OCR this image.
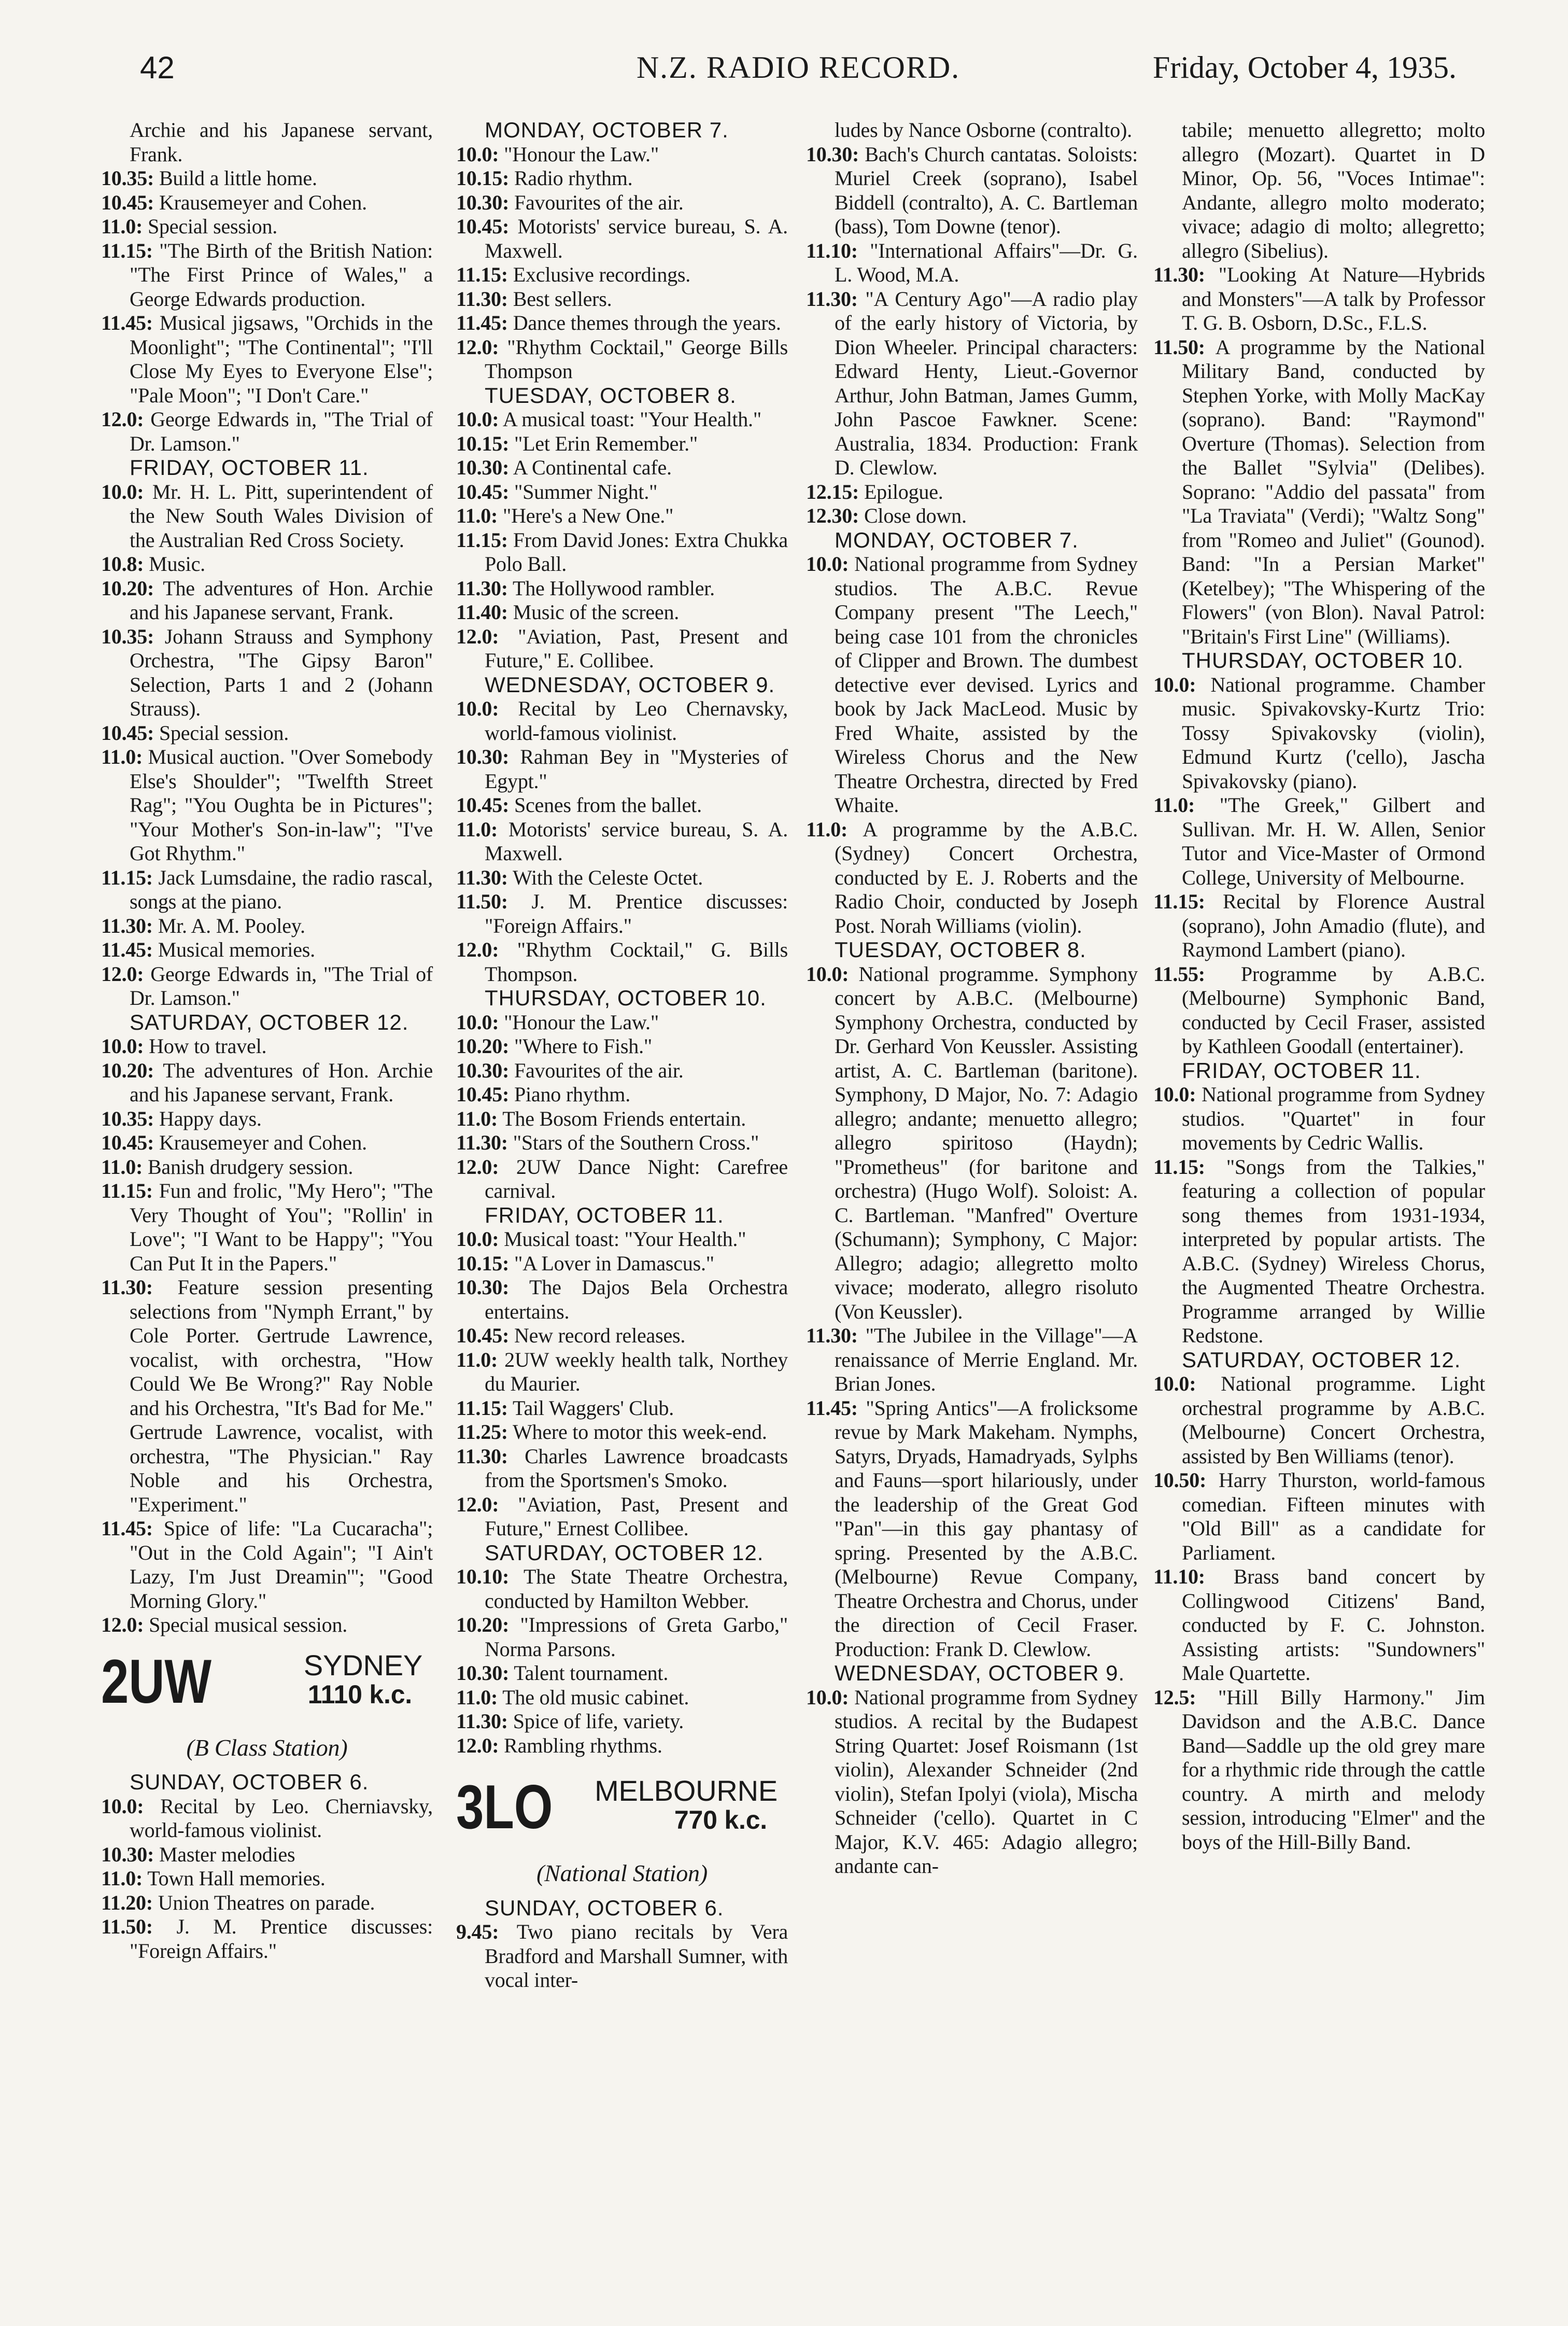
42	N.Z. RADIO RECORD.	Friday, October 4, 1935.
Archie and his Japanese servant, Frank.
10.35: Build a little home.
10.45: Krausemeyer and Cohen.
11.0: Special session.
11.15: "The Birth of the British Nation: "The First Prince of Wales," a George Edwards production.
11.45: Musical jigsaws, "Orchids in the Moonlight"; "The Continental"; "I'll Close My Eyes to Everyone Else"; "Pale Moon"; "I Don't Care."
12.0: George Edwards in, "The Trial of Dr. Lamson."
FRIDAY, OCTOBER 11.
10.0: Mr. H. L. Pitt, superintendent of the New South Wales Division of the Australian Red Cross Society.
10.8: Music.
10.20: The adventures of Hon. Archie and his Japanese servant, Frank.
10.35: Johann Strauss and Symphony Orchestra, "The Gipsy Baron" Selection, Parts 1 and 2 (Johann Strauss).
10.45: Special session.
11.0: Musical auction. "Over Somebody Else's Shoulder"; "Twelfth Street Rag"; "You Oughta be in Pictures"; "Your Mother's Son-in-law"; "I've Got Rhythm."
11.15: Jack Lumsdaine, the radio rascal, songs at the piano.
11.30: Mr. A. M. Pooley.
11.45: Musical memories.
12.0: George Edwards in, "The Trial of Dr. Lamson."
SATURDAY, OCTOBER 12.
10.0: How to travel.
10.20: The adventures of Hon. Archie and his Japanese servant, Frank.
10.35: Happy days.
10.45: Krausemeyer and Cohen.
11.0: Banish drudgery session.
11.15: Fun and frolic, "My Hero"; "The Very Thought of You"; "Rollin' in Love"; "I Want to be Happy"; "You Can Put It in the Papers."
11.30: Feature session presenting selections from "Nymph Errant," by Cole Porter. Gertrude Lawrence, vocalist, with orchestra, "How Could We Be Wrong?" Ray Noble and his Orchestra, "It's Bad for Me." Gertrude Lawrence, vocalist, with orchestra, "The Physician." Ray Noble and his Orchestra, "Experiment."
11.45: Spice of life: "La Cucaracha"; "Out in the Cold Again"; "I Ain't Lazy, I'm Just Dreamin'"; "Good Morning Glory."
12.0: Special musical session.
2UW	SYDNEY
1110 k.c.
(B Class Station)
SUNDAY, OCTOBER 6.
10.0: Recital by Leo. Cherniavsky, world-famous violinist.
10.30: Master melodies
11.0: Town Hall memories.
11.20: Union Theatres on parade.
11.50: J. M. Prentice discusses: "Foreign Affairs."
MONDAY, OCTOBER 7.
10.0: "Honour the Law."
10.15: Radio rhythm.
10.30: Favourites of the air.
10.45: Motorists' service bureau, S. A. Maxwell.
11.15: Exclusive recordings.
11.30: Best sellers.
11.45: Dance themes through the years.
12.0: "Rhythm Cocktail," George Bills Thompson
TUESDAY, OCTOBER 8.
10.0: A musical toast: "Your Health."
10.15: "Let Erin Remember."
10.30: A Continental cafe.
10.45: "Summer Night."
11.0: "Here's a New One."
11.15: From David Jones: Extra Chukka Polo Ball.
11.30: The Hollywood rambler.
11.40: Music of the screen.
12.0: "Aviation, Past, Present and Future," E. Collibee.
WEDNESDAY, OCTOBER 9.
10.0: Recital by Leo Chernavsky, world-famous violinist.
10.30: Rahman Bey in "Mysteries of Egypt."
10.45: Scenes from the ballet.
11.0: Motorists' service bureau, S. A. Maxwell.
11.30: With the Celeste Octet.
11.50: J. M. Prentice discusses: "Foreign Affairs."
12.0: "Rhythm Cocktail," G. Bills Thompson.
THURSDAY, OCTOBER 10.
10.0: "Honour the Law."
10.20: "Where to Fish."
10.30: Favourites of the air.
10.45: Piano rhythm.
11.0: The Bosom Friends entertain.
11.30: "Stars of the Southern Cross."
12.0: 2UW Dance Night: Carefree carnival.
FRIDAY, OCTOBER 11.
10.0: Musical toast: "Your Health."
10.15: "A Lover in Damascus."
10.30: The Dajos Bela Orchestra entertains.
10.45: New record releases.
11.0: 2UW weekly health talk, Northey du Maurier.
11.15: Tail Waggers' Club.
11.25: Where to motor this week-end.
11.30: Charles Lawrence broadcasts from the Sportsmen's Smoko.
12.0: "Aviation, Past, Present and Future," Ernest Collibee.
SATURDAY, OCTOBER 12.
10.10: The State Theatre Orchestra, conducted by Hamilton Webber.
10.20: "Impressions of Greta Garbo," Norma Parsons.
10.30: Talent tournament.
11.0: The old music cabinet.
11.30: Spice of life, variety.
12.0: Rambling rhythms.
3LO MELBOURNE
770 k.c.
(National Station)
SUNDAY, OCTOBER 6.
9.45: Two piano recitals by Vera Bradford and Marshall Sumner, with vocal inter-
ludes by Nance Osborne (contralto).
10.30: Bach's Church cantatas. Soloists: Muriel Creek (soprano), Isabel Biddell (contralto), A. C. Bartleman (bass), Tom Downe (tenor).
11.10: "International Affairs"—Dr. G. L. Wood, M.A.
11.30: "A Century Ago"—A radio play of the early history of Victoria, by Dion Wheeler. Principal characters: Edward Henty, Lieut.-Governor Arthur, John Batman, James Gumm, John Pascoe Fawkner. Scene: Australia, 1834. Production: Frank D. Clewlow.
12.15: Epilogue.
12.30: Close down.
MONDAY, OCTOBER 7.
10.0: National programme from Sydney studios. The A.B.C. Revue Company present "The Leech," being case 101 from the chronicles of Clipper and Brown. The dumbest detective ever devised. Lyrics and book by Jack MacLeod. Music by Fred Whaite, assisted by the Wireless Chorus and the New Theatre Orchestra, directed by Fred Whaite.
11.0: A programme by the A.B.C. (Sydney) Concert Orchestra, conducted by E. J. Roberts and the Radio Choir, conducted by Joseph Post. Norah Williams (violin).
TUESDAY, OCTOBER 8.
10.0: National programme. Symphony concert by A.B.C. (Melbourne) Symphony Orchestra, conducted by Dr. Gerhard Von Keussler. Assisting artist, A. C. Bartleman (baritone). Symphony, D Major, No. 7: Adagio allegro; andante; menuetto allegro; allegro spiritoso (Haydn); "Prometheus" (for baritone and orchestra) (Hugo Wolf). Soloist: A. C. Bartleman. "Manfred" Overture (Schumann); Symphony, C Major: Allegro; adagio; allegretto molto vivace; moderato, allegro risoluto (Von Keussler).
11.30: "The Jubilee in the Village"—A renaissance of Merrie England. Mr. Brian Jones.
11.45: "Spring Antics"—A frolicksome revue by Mark Makeham. Nymphs, Satyrs, Dryads, Hamadryads, Sylphs and Fauns—sport hilariously, under the leadership of the Great God "Pan"—in this gay phantasy of spring. Presented by the A.B.C. (Melbourne) Revue Company, Theatre Orchestra and Chorus, under the direction of Cecil Fraser. Production: Frank D. Clewlow.
WEDNESDAY, OCTOBER 9.
10.0: National programme from Sydney studios. A recital by the Budapest String Quartet: Josef Roismann (1st violin), Alexander Schneider (2nd violin), Stefan Ipolyi (viola), Mischa Schneider ('cello). Quartet in C Major, K.V. 465: Adagio allegro; andante can-
tabile; menuetto allegretto; molto allegro (Mozart). Quartet in D Minor, Op. 56, "Voces Intimae": Andante, allegro molto moderato; vivace; adagio di molto; allegretto; allegro (Sibelius).
11.30: "Looking At Nature—Hybrids and Monsters"—A talk by Professor T. G. B. Osborn, D.Sc., F.L.S.
11.50: A programme by the National Military Band, conducted by Stephen Yorke, with Molly MacKay (soprano). Band: "Raymond" Overture (Thomas). Selection from the Ballet "Sylvia" (Delibes). Soprano: "Addio del passata" from "La Traviata" (Verdi); "Waltz Song" from "Romeo and Juliet" (Gounod). Band: "In a Persian Market" (Ketelbey); "The Whispering of the Flowers" (von Blon). Naval Patrol: "Britain's First Line" (Williams).
THURSDAY, OCTOBER 10.
10.0: National programme. Chamber music. Spivakovsky-Kurtz Trio: Tossy Spivakovsky (violin), Edmund Kurtz ('cello), Jascha Spivakovsky (piano).
11.0: "The Greek," Gilbert and Sullivan. Mr. H. W. Allen, Senior Tutor and Vice-Master of Ormond College, University of Melbourne.
11.15: Recital by Florence Austral (soprano), John Amadio (flute), and Raymond Lambert (piano).
11.55: Programme by A.B.C. (Melbourne) Symphonic Band, conducted by Cecil Fraser, assisted by Kathleen Goodall (entertainer).
FRIDAY, OCTOBER 11.
10.0: National programme from Sydney studios. "Quartet" in four movements by Cedric Wallis.
11.15: "Songs from the Talkies," featuring a collection of popular song themes from 1931-1934, interpreted by popular artists. The A.B.C. (Sydney) Wireless Chorus, the Augmented Theatre Orchestra. Programme arranged by Willie Redstone.
SATURDAY, OCTOBER 12.
10.0: National programme. Light orchestral programme by A.B.C. (Melbourne) Concert Orchestra, assisted by Ben Williams (tenor).
10.50: Harry Thurston, world-famous comedian. Fifteen minutes with "Old Bill" as a candidate for Parliament.
11.10: Brass band concert by Collingwood Citizens' Band, conducted by F. C. Johnston. Assisting artists: "Sundowners" Male Quartette.
12.5: "Hill Billy Harmony." Jim Davidson and the A.B.C. Dance Band—Saddle up the old grey mare for a rhythmic ride through the cattle country. A mirth and melody session, introducing "Elmer" and the boys of the Hill-Billy Band.
